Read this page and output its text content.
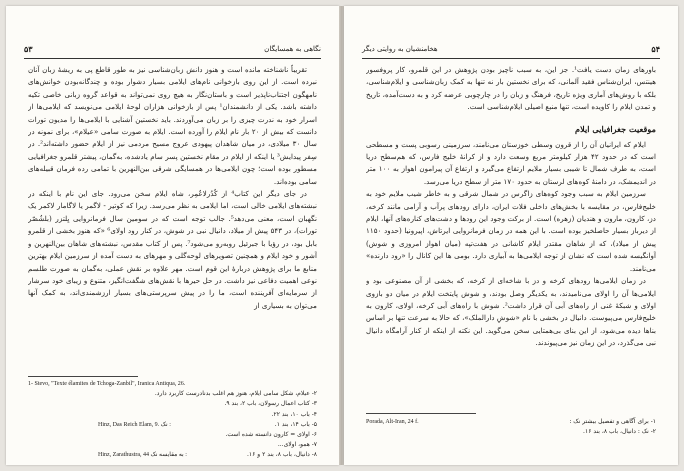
۵۳	نگاهی به همسایگان

تقریباً ناشناخته مانده است و هنوز دانش زبان‌شناسی نیز به طور قاطع پی به ریشهٔ زبان آنان نبرده است. از این روی بازخوانی نام‌های ایلامی بسیار دشوار بوده و چندگانه‌بودن خوانش‌های نامهگون اجتناب‌ناپذیر است و باستان‌نگار به هیچ روی نمی‌تواند به قواعد گروه زبانی خاصی تکیه داشته باشد. یکی از دانشمندان¹ پس از بازخوانی هزاران لوحهٔ ایلامی می‌نویسد که ایلامی‌ها از اسرار خود به ندرت چیزی را بر زبان می‌آوردند. باید نخستین آشنایی با ایلامی‌ها را مدیون تورات دانست که بیش از ۲۰ بار نام ایلام را آورده است. ایلام به صورت سامی «عیلام»، برای نمونه در سال ۳۰ میلادی، در میان شاهدان پیهودی عروج مسیح مردمی نیز از ایلام حضور داشته‌اند². در سِفر پیدایش³ یا اینکه از ایلام در مقام نخستین پسر سام یادشده، به‌گمان، پیشتر قلمرو جغرافیایی مسطور بوده است؛ چون ایلامی‌ها در همسایگی شرقی بین‌النهرین با تمامی رده فرمان قبیله‌های سامی بوده‌اند.

در جای دیگر این کتاب⁴ از کُدُرلاعُمِر، شاه ایلام سخن می‌رود. جای این نام با اینکه در نبشته‌های ایلامی خالی است، اما ایلامی به نظر می‌رسد. زیرا که کوتیر - لاگمر یا لاگامار لاکمر یک نگهبان است، معنی می‌دهد⁵. جالب توجه است که در سومین سال فرمانروایی یِلتزر (بلشُصّر تورات)، در ۵۴۳ پیش از میلاد، دانیال نبی در شوش، در کنار رود اولای⁶ «که هنوز بخشی از قلمرو بابل بود، در رؤیا با جبرئیل روبه‌رو می‌شود⁷. پس از کتاب مقدس، نبشته‌های شاهان بین‌النهرین و آشور و خود ایلام و همچنین تصویرهای لوحه‌گلی و مهرهای به دست آمده از سرزمین ایلام بهترین منابع ما برای پژوهش دربارهٔ این قوم است. مهر علاوه بر نقش عملی، به‌گمان به صورت طلسم نوعی اهمیت دفاعی نیز داشت. در حل حیرها با نقش‌های شگفت‌انگیز، متنوع و زیبای خود سرشار از سرمایه‌ای آفریننده است، ما را در پیش سرپرستی‌های بسیار ارزشمندی‌اند، به کمک آنها می‌توان به بسیاری از

1- Stevo, "Texte élamites de Tchoga-Zanbil", Iranica Antiqua, 26.
۲- عیلام، شکل سامی ایلام، هنوز هم اغلب بدنادرست کاربرد دارد.
۳- کتاب اعمال رسولان، باب ۲، بند ۹.
۴- باب ۱۰، بند ۲۲.
۵- باب ۱۴، بند ۱.
Hinz, Das Reich Elam, 9. نک :
۶- اولای = کارون دانسته شده است.
۷- همو، اولای...
۸- دانیال، باب ۸، بند ۲ و ۱۶.
Hinz, Zarathustra, 44 به مقایسه نک :
۵۴
هخامنشیان به روایتی دیگر

باورهای زمان دست یافت¹. جز این، به سبب ناچیز بودن پژوهش در این قلمرو، کار پروفسور هینتس، ایران‌شناس فقید آلمانی، که برای نخستین بار نه تنها به کمک زبان‌شناسی و ایلام‌شناسی، بلکه با روش‌های آماری ویژه تاریخ، فرهنگ و زبان را در چارچوبی عرضه کرد و به دست‌آمده، تاریخ و تمدن ایلام را کاویده است، تنها منبع اصیلی ایلام‌شناسی است.

موقعیت جغرافیایی ایلام

ایلام که ایرانیان آن را از قرون وسطی خوزستان می‌نامند، سرزمینی رسوبی پست و مسطحی است که در حدود ۴۲ هزار کیلومتر مربع وسعت دارد و از کرانهٔ خلیج فارس، که هم‌سطح دریا است، به طرف شمال تا شیبی بسیار ملایم ارتفاع می‌گیرد و ارتفاع آن پیرامون اهواز به ۱۰۰ متر در اندیمشک، در دامنهٔ کوه‌های لرستان به حدود ۱۷۰ متر از سطح دریا می‌رسد.

سرزمین ایلام به سبب وجود کوه‌های زاگرس در شمال شرقی و به خاطر شیب ملایم خود به خلیج‌فارس، در مقایسه با بخش‌های داخلی فلات ایران، دارای رودهای پرآب و آرامی مانند کرخه، دز، کارون، مارون و هندیان (زهره) است. از برکت وجود این رودها و دشت‌های کناره‌های آنها، ایلام از دیرباز بسیار حاصلخیز بوده است. با این همه در زمان فرمانروایی ایرتاش، اپیرونیا (حدود ۱۱۵۰ پیش از میلاد)، که از شاهان مقتدر ایلام کاشانی در هفت‌تپه (میان اهواز امروزی و شوش) آوانگیسه شده است که نشان از توجه ایلامی‌ها به آبیاری دارد. بومی ها این کانال را «رود دارنده» می‌نامند.

در زمان ایلامی‌ها رودهای کرخه و دز با شاخه‌ای از کرخه، که بخشی از آن مصنوعی بود و ایلامی‌ها آن را اولای می‌نامیدند، به یکدیگر وصل بودند، و شوش پایتخت ایلام در میان دو بازوی اولای و شبکهٔ غنی از راه‌های آبی آن قرار داشت². شوش با راه‌های آبی کرخه، اولای، کارون به خلیج‌فارس می‌پیوست. دانیال در بخشی با نام «شوشِ دارالملک»، که حالا به سرعت تنها بر اساس بناها دیده می‌شود، از این بنای بی‌همتایی سخن می‌گوید. این نکته از اینکه از کنار آرامگاه دانیال نبی می‌گذرد، در این زمان نیز می‌پیوندند.

۱- برای آگاهی و تفصیل بیشتر نک :
Porada, Alt-Iran, 24 f.
۲- نک : دانیال، باب ۸، بند ۱۶.
